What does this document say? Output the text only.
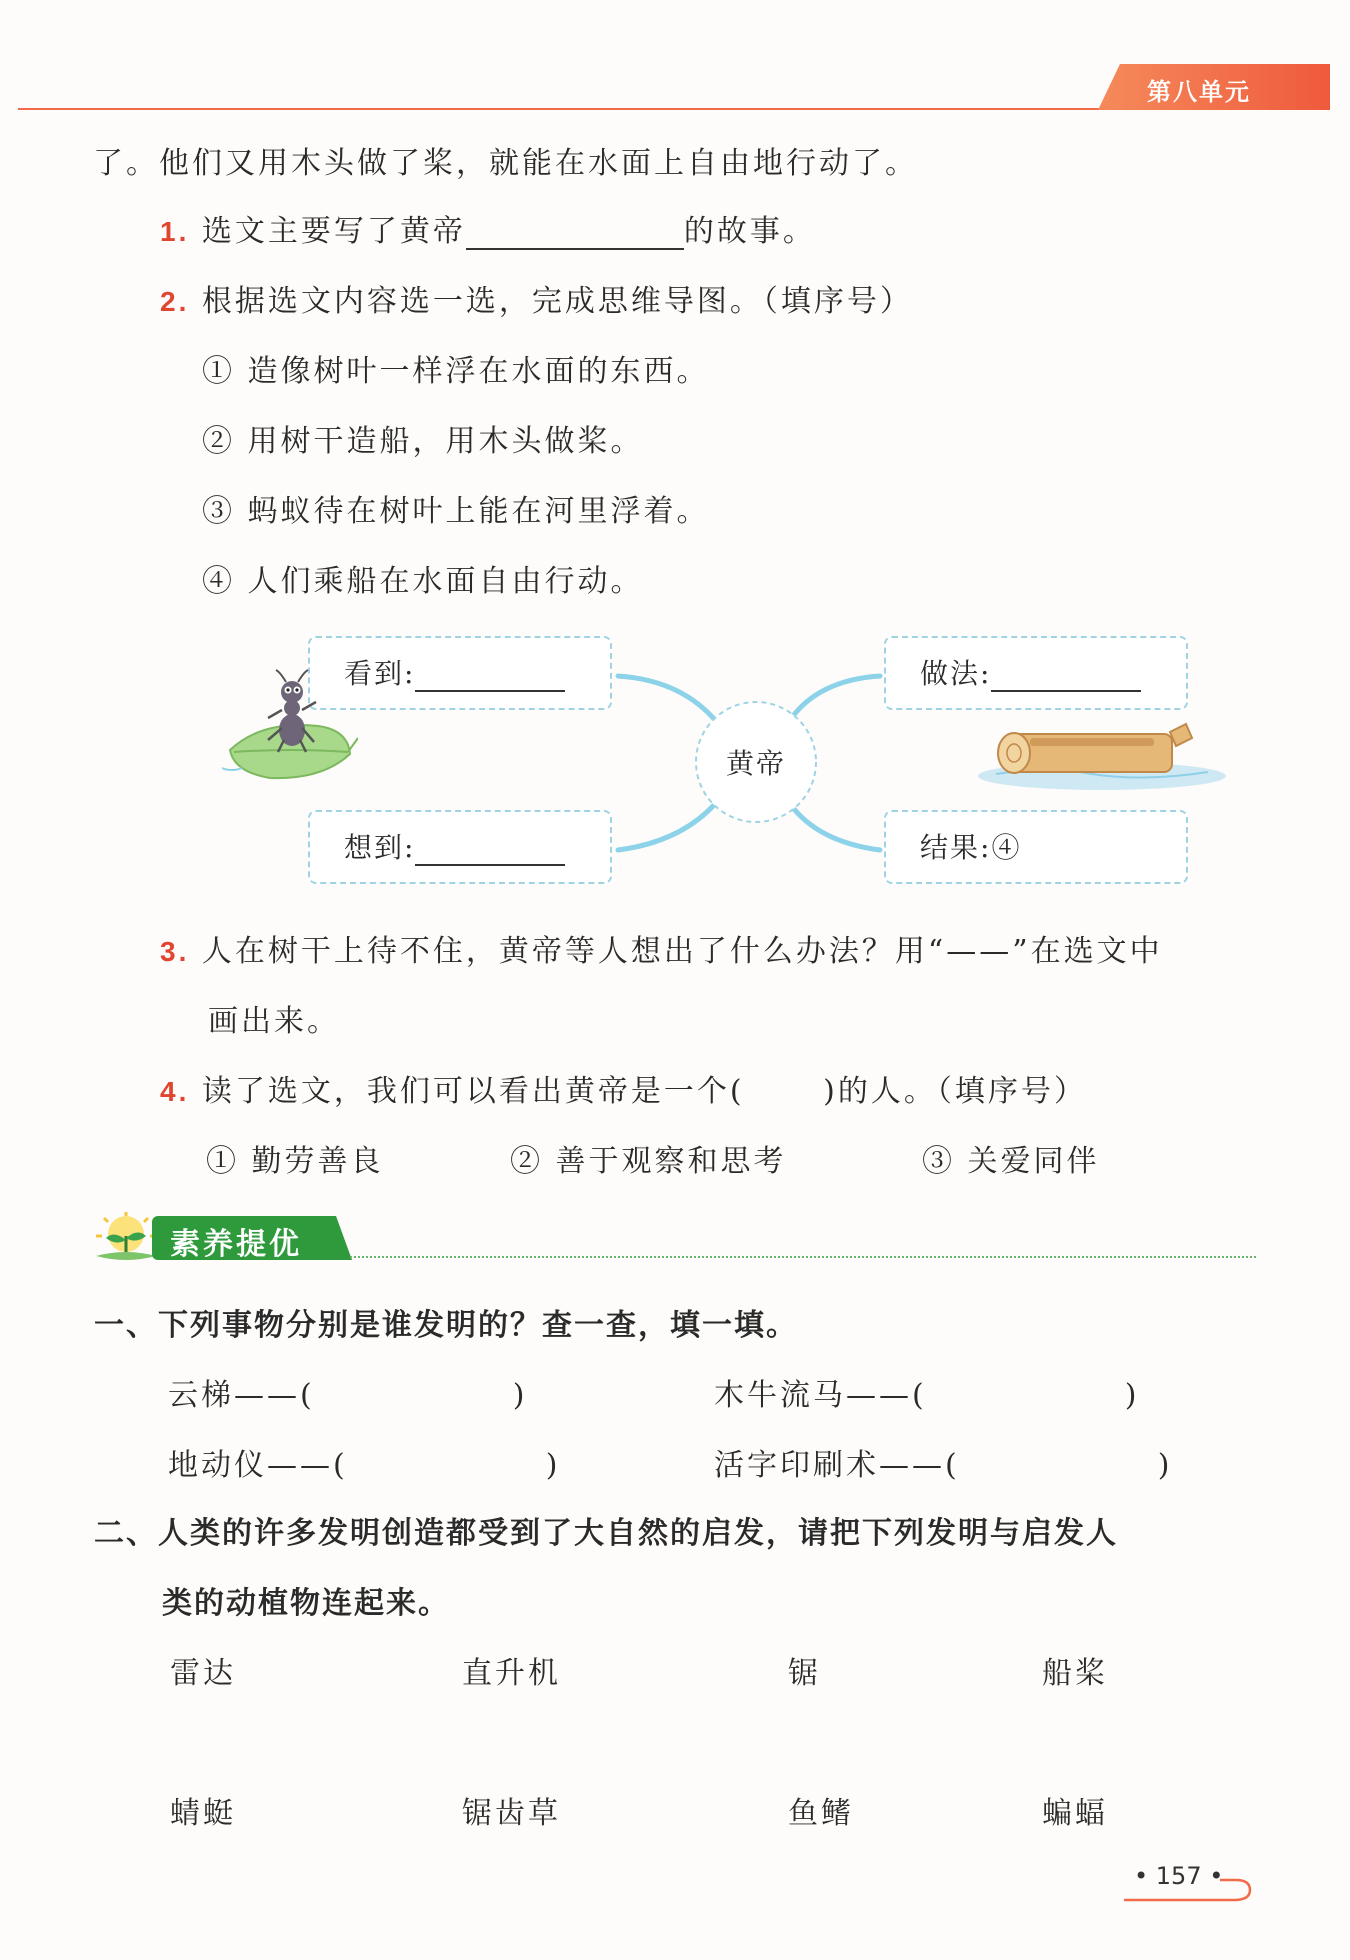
第八单元
了。他们又用木头做了桨，就能在水面上自由地行动了。
1. 选文主要写了黄帝	的故事。
2. 根据选文内容选一选，完成思维导图。（填序号）
① 造像树叶一样浮在水面的东西。
② 用树干造船，用木头做桨。
③ 蚂蚁待在树叶上能在河里浮着。
④ 人们乘船在水面自由行动。
黄帝
看到:
想到:
做法:
结果:④
3. 人在树干上待不住，黄帝等人想出了什么办法？用“——”在选文中
画出来。
4. 读了选文，我们可以看出黄帝是一个(　　 )的人。（填序号）
① 勤劳善良	② 善于观察和思考	③ 关爱同伴
素养提优
一、下列事物分别是谁发明的？查一查，填一填。
云梯——(　　　　　　)	木牛流马——(　　　　　　)
地动仪——(　　　　　　)	活字印刷术——(　　　　　　)
二、人类的许多发明创造都受到了大自然的启发，请把下列发明与启发人
类的动植物连起来。
雷达	直升机	锯	船桨
蜻蜓	锯齿草	鱼鳍	蝙蝠
• 157 •
